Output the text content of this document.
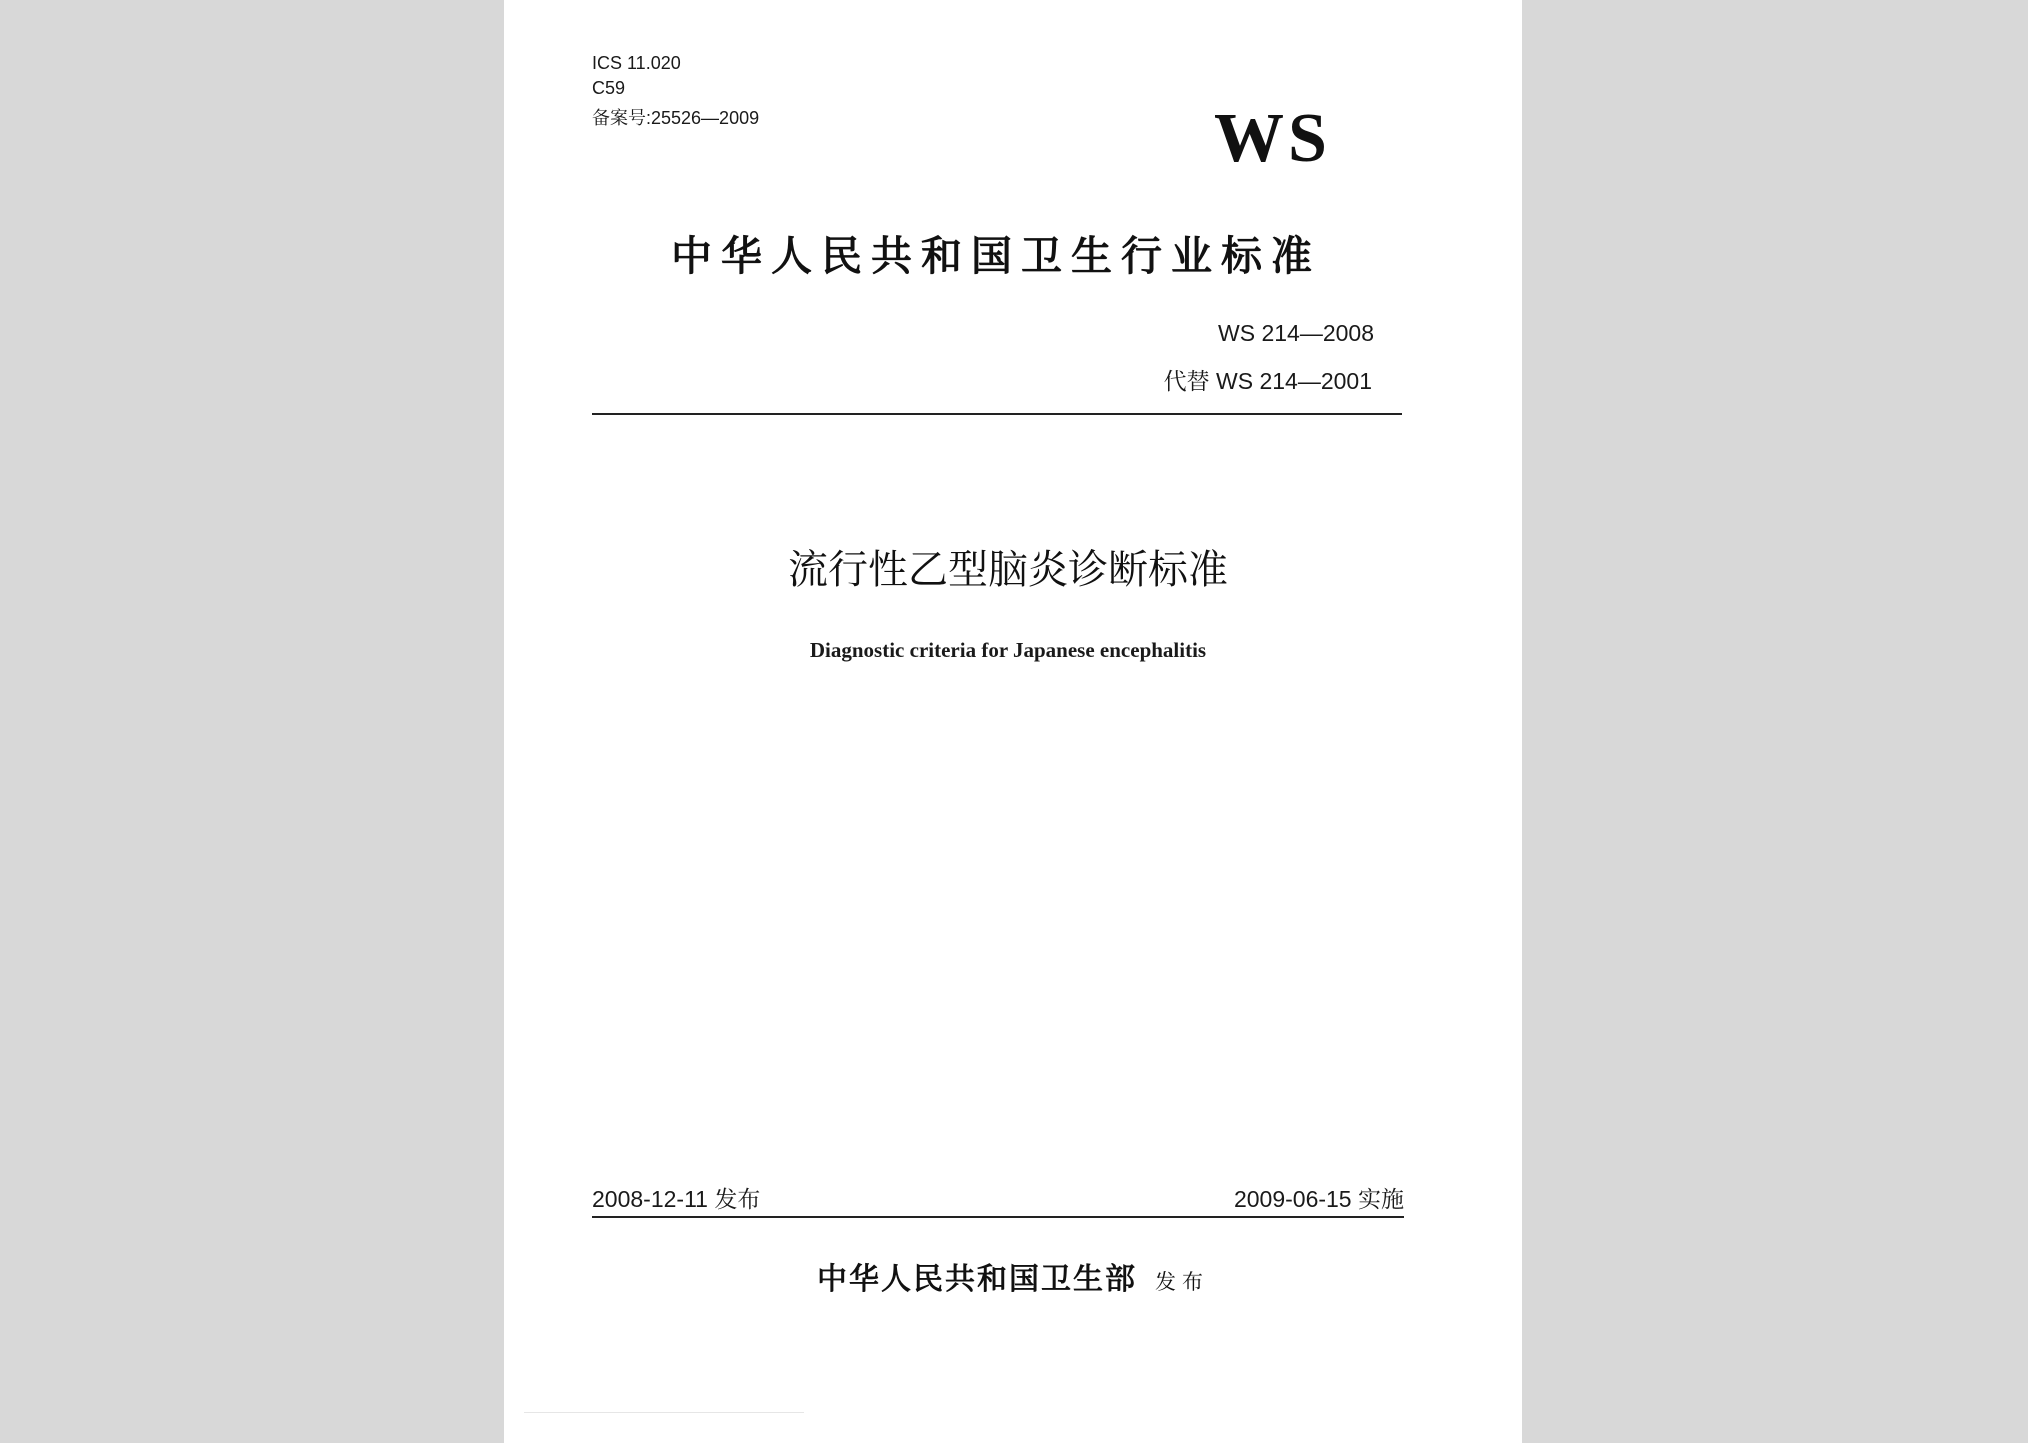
ICS 11.020
C59
备案号:25526—2009	WS
中华人民共和国卫生行业标准
WS 214—2008
代替 WS 214—2001
流行性乙型脑炎诊断标准
Diagnostic criteria for Japanese encephalitis
2008-12-11 发布	2009-06-15 实施
中华人民共和国卫生部 发布
